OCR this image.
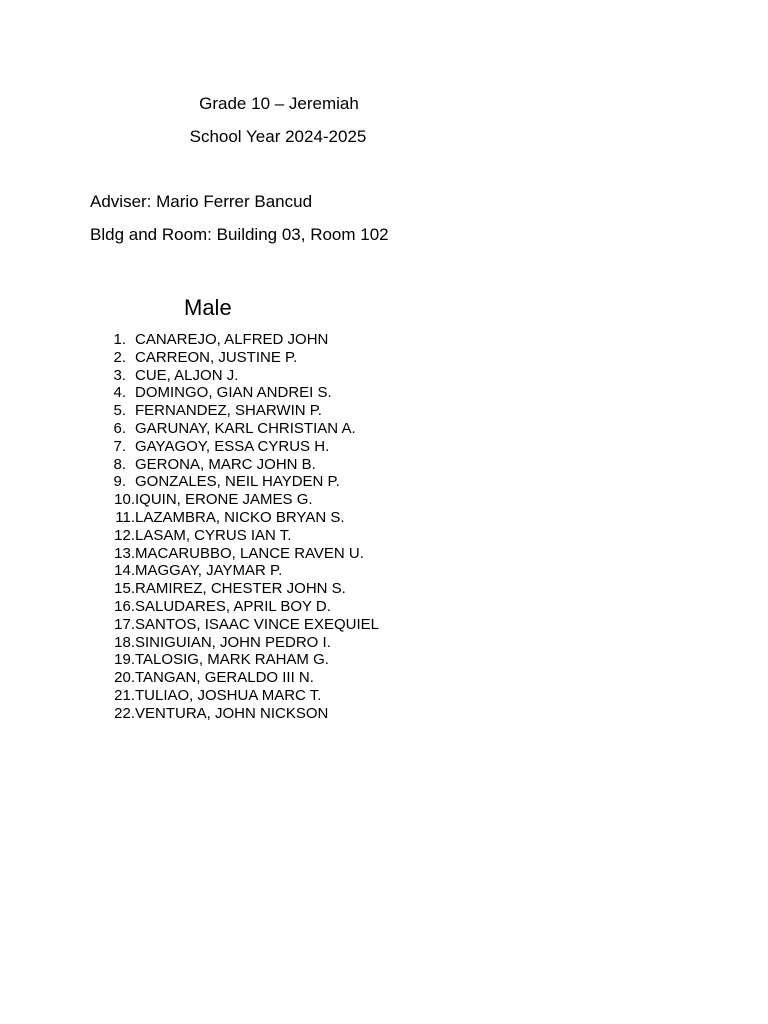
Grade 10 – Jeremiah
School Year 2024-2025
Adviser: Mario Ferrer Bancud
Bldg and Room: Building 03, Room 102
Male
1. CANAREJO, ALFRED JOHN
2. CARREON, JUSTINE P.
3. CUE, ALJON J.
4. DOMINGO, GIAN ANDREI S.
5. FERNANDEZ, SHARWIN P.
6. GARUNAY, KARL CHRISTIAN A.
7. GAYAGOY, ESSA CYRUS H.
8. GERONA, MARC JOHN B.
9. GONZALES, NEIL HAYDEN P.
10. IQUIN, ERONE JAMES G.
11. LAZAMBRA, NICKO BRYAN S.
12. LASAM, CYRUS IAN T.
13. MACARUBBO, LANCE RAVEN U.
14. MAGGAY, JAYMAR P.
15. RAMIREZ, CHESTER JOHN S.
16. SALUDARES, APRIL BOY D.
17. SANTOS, ISAAC VINCE EXEQUIEL
18. SINIGUIAN, JOHN PEDRO I.
19. TALOSIG, MARK RAHAM G.
20. TANGAN, GERALDO III N.
21. TULIAO, JOSHUA MARC T.
22. VENTURA, JOHN NICKSON
